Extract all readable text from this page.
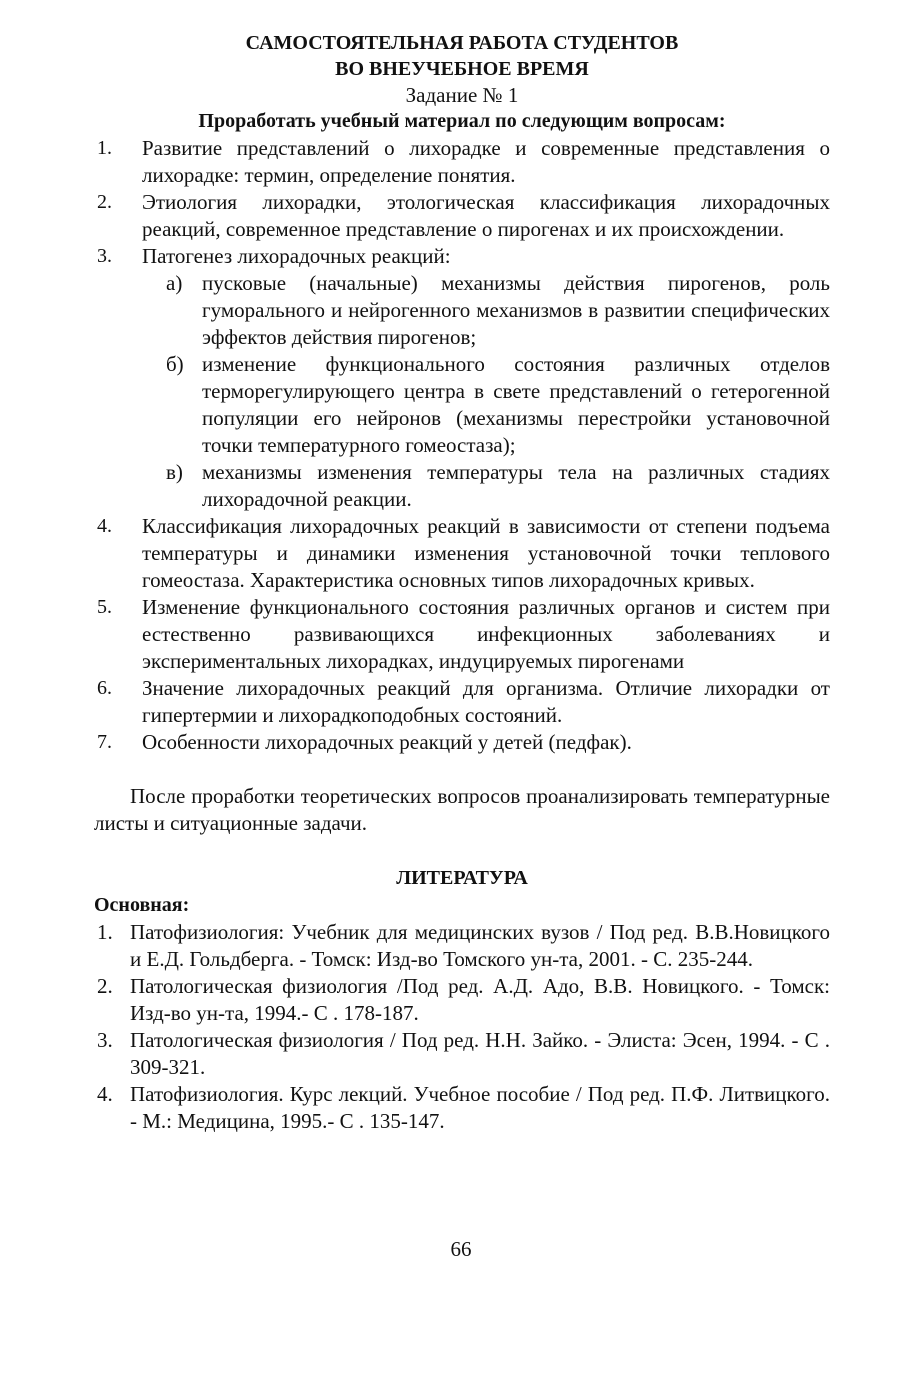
САМОСТОЯТЕЛЬНАЯ РАБОТА СТУДЕНТОВ
ВО ВНЕУЧЕБНОЕ ВРЕМЯ
Задание № 1
Проработать учебный материал по следующим вопросам:
1. Развитие представлений о лихорадке и современные представления о лихорадке: термин, определение понятия.
2. Этиология лихорадки, этологическая классификация лихорадочных реакций, современное представление о пирогенах и их происхождении.
3. Патогенез лихорадочных реакций:
а) пусковые (начальные) механизмы действия пирогенов, роль гуморального и нейрогенного механизмов в развитии специфических эффектов действия пирогенов;
б) изменение функционального состояния различных отделов терморегулирующего центра в свете представлений о гетерогенной популяции его нейронов (механизмы перестройки установочной точки температурного гомеостаза);
в) механизмы изменения температуры тела на различных стадиях лихорадочной реакции.
4. Классификация лихорадочных реакций в зависимости от степени подъема температуры и динамики изменения установочной точки теплового гомеостаза. Характеристика основных типов лихорадочных кривых.
5. Изменение функционального состояния различных органов и систем при естественно развивающихся инфекционных заболеваниях и экспериментальных лихорадках, индуцируемых пирогенами
6. Значение лихорадочных реакций для организма. Отличие лихорадки от гипертермии и лихорадкоподобных состояний.
7. Особенности лихорадочных реакций у детей (педфак).

После проработки теоретических вопросов проанализировать температурные листы и ситуационные задачи.

ЛИТЕРАТУРА
Основная:
1. Патофизиология: Учебник для медицинских вузов / Под ред. В.В.Новицкого и Е.Д. Гольдберга. - Томск: Изд-во Томского ун-та, 2001. - С. 235-244.
2. Патологическая физиология /Под ред. А.Д. Адо, В.В. Новицкого. - Томск: Изд-во ун-та, 1994.- С . 178-187.
3. Патологическая физиология / Под ред. Н.Н. Зайко. - Элиста: Эсен, 1994. - С . 309-321.
4. Патофизиология. Курс лекций. Учебное пособие / Под ред. П.Ф. Литвицкого. - М.: Медицина, 1995.- С . 135-147.
66
